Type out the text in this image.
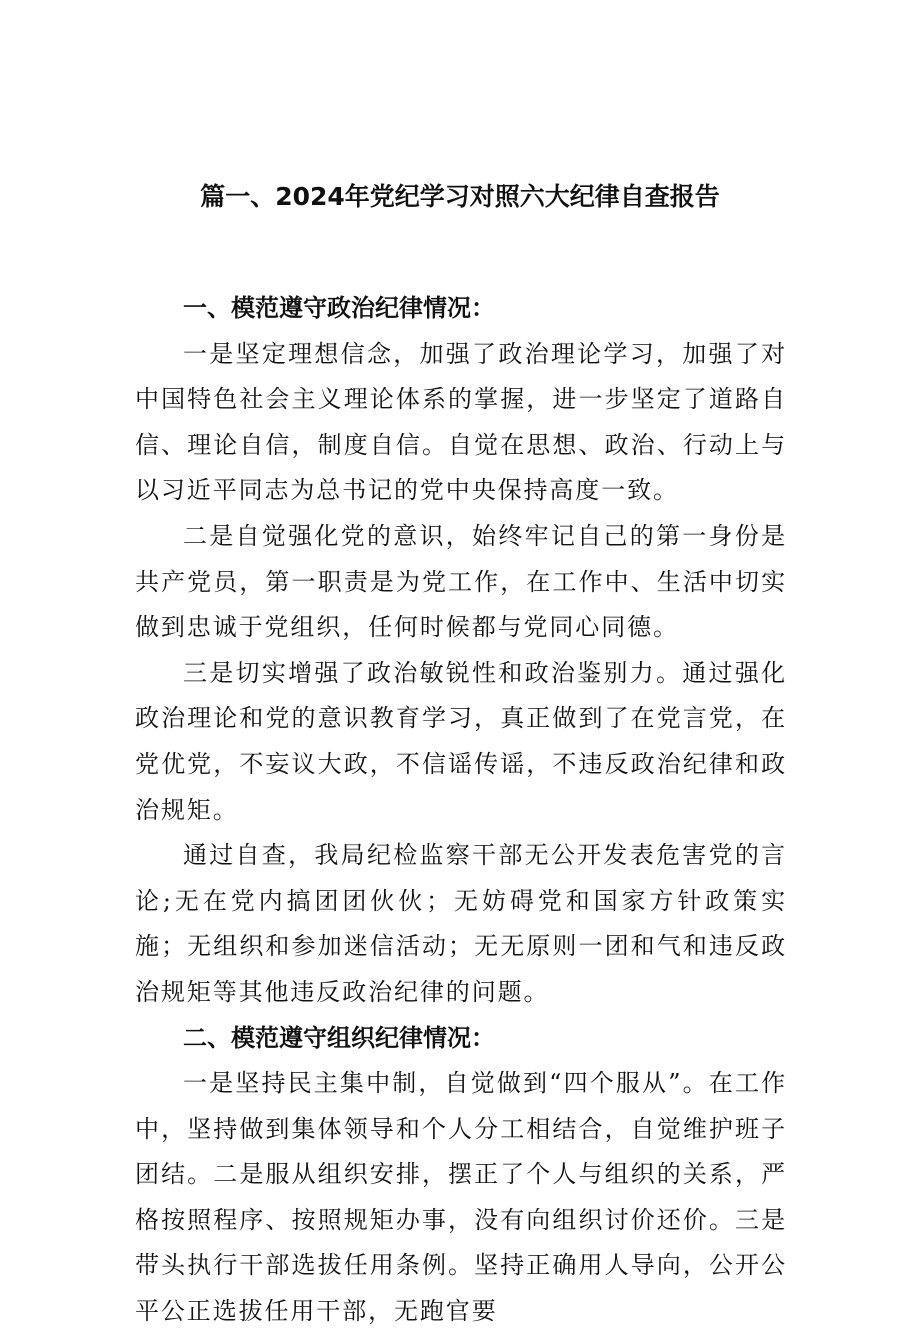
篇一、2024年党纪学习对照六大纪律自查报告

一、模范遵守政治纪律情况：

一是坚定理想信念，加强了政治理论学习，加强了对中国特色社会主义理论体系的掌握，进一步坚定了道路自信、理论自信，制度自信。自觉在思想、政治、行动上与以习近平同志为总书记的党中央保持高度一致。

二是自觉强化党的意识，始终牢记自己的第一身份是共产党员，第一职责是为党工作，在工作中、生活中切实做到忠诚于党组织，任何时候都与党同心同德。

三是切实增强了政治敏锐性和政治鉴别力。通过强化政治理论和党的意识教育学习，真正做到了在党言党，在党优党，不妄议大政，不信谣传谣，不违反政治纪律和政治规矩。

通过自查，我局纪检监察干部无公开发表危害党的言论;无在党内搞团团伙伙；无妨碍党和国家方针政策实施；无组织和参加迷信活动；无无原则一团和气和违反政治规矩等其他违反政治纪律的问题。

二、模范遵守组织纪律情况：

一是坚持民主集中制，自觉做到“四个服从”。在工作中，坚持做到集体领导和个人分工相结合，自觉维护班子团结。二是服从组织安排，摆正了个人与组织的关系，严格按照程序、按照规矩办事，没有向组织讨价还价。三是带头执行干部选拔任用条例。坚持正确用人导向，公开公平公正选拔任用干部，无跑官要
